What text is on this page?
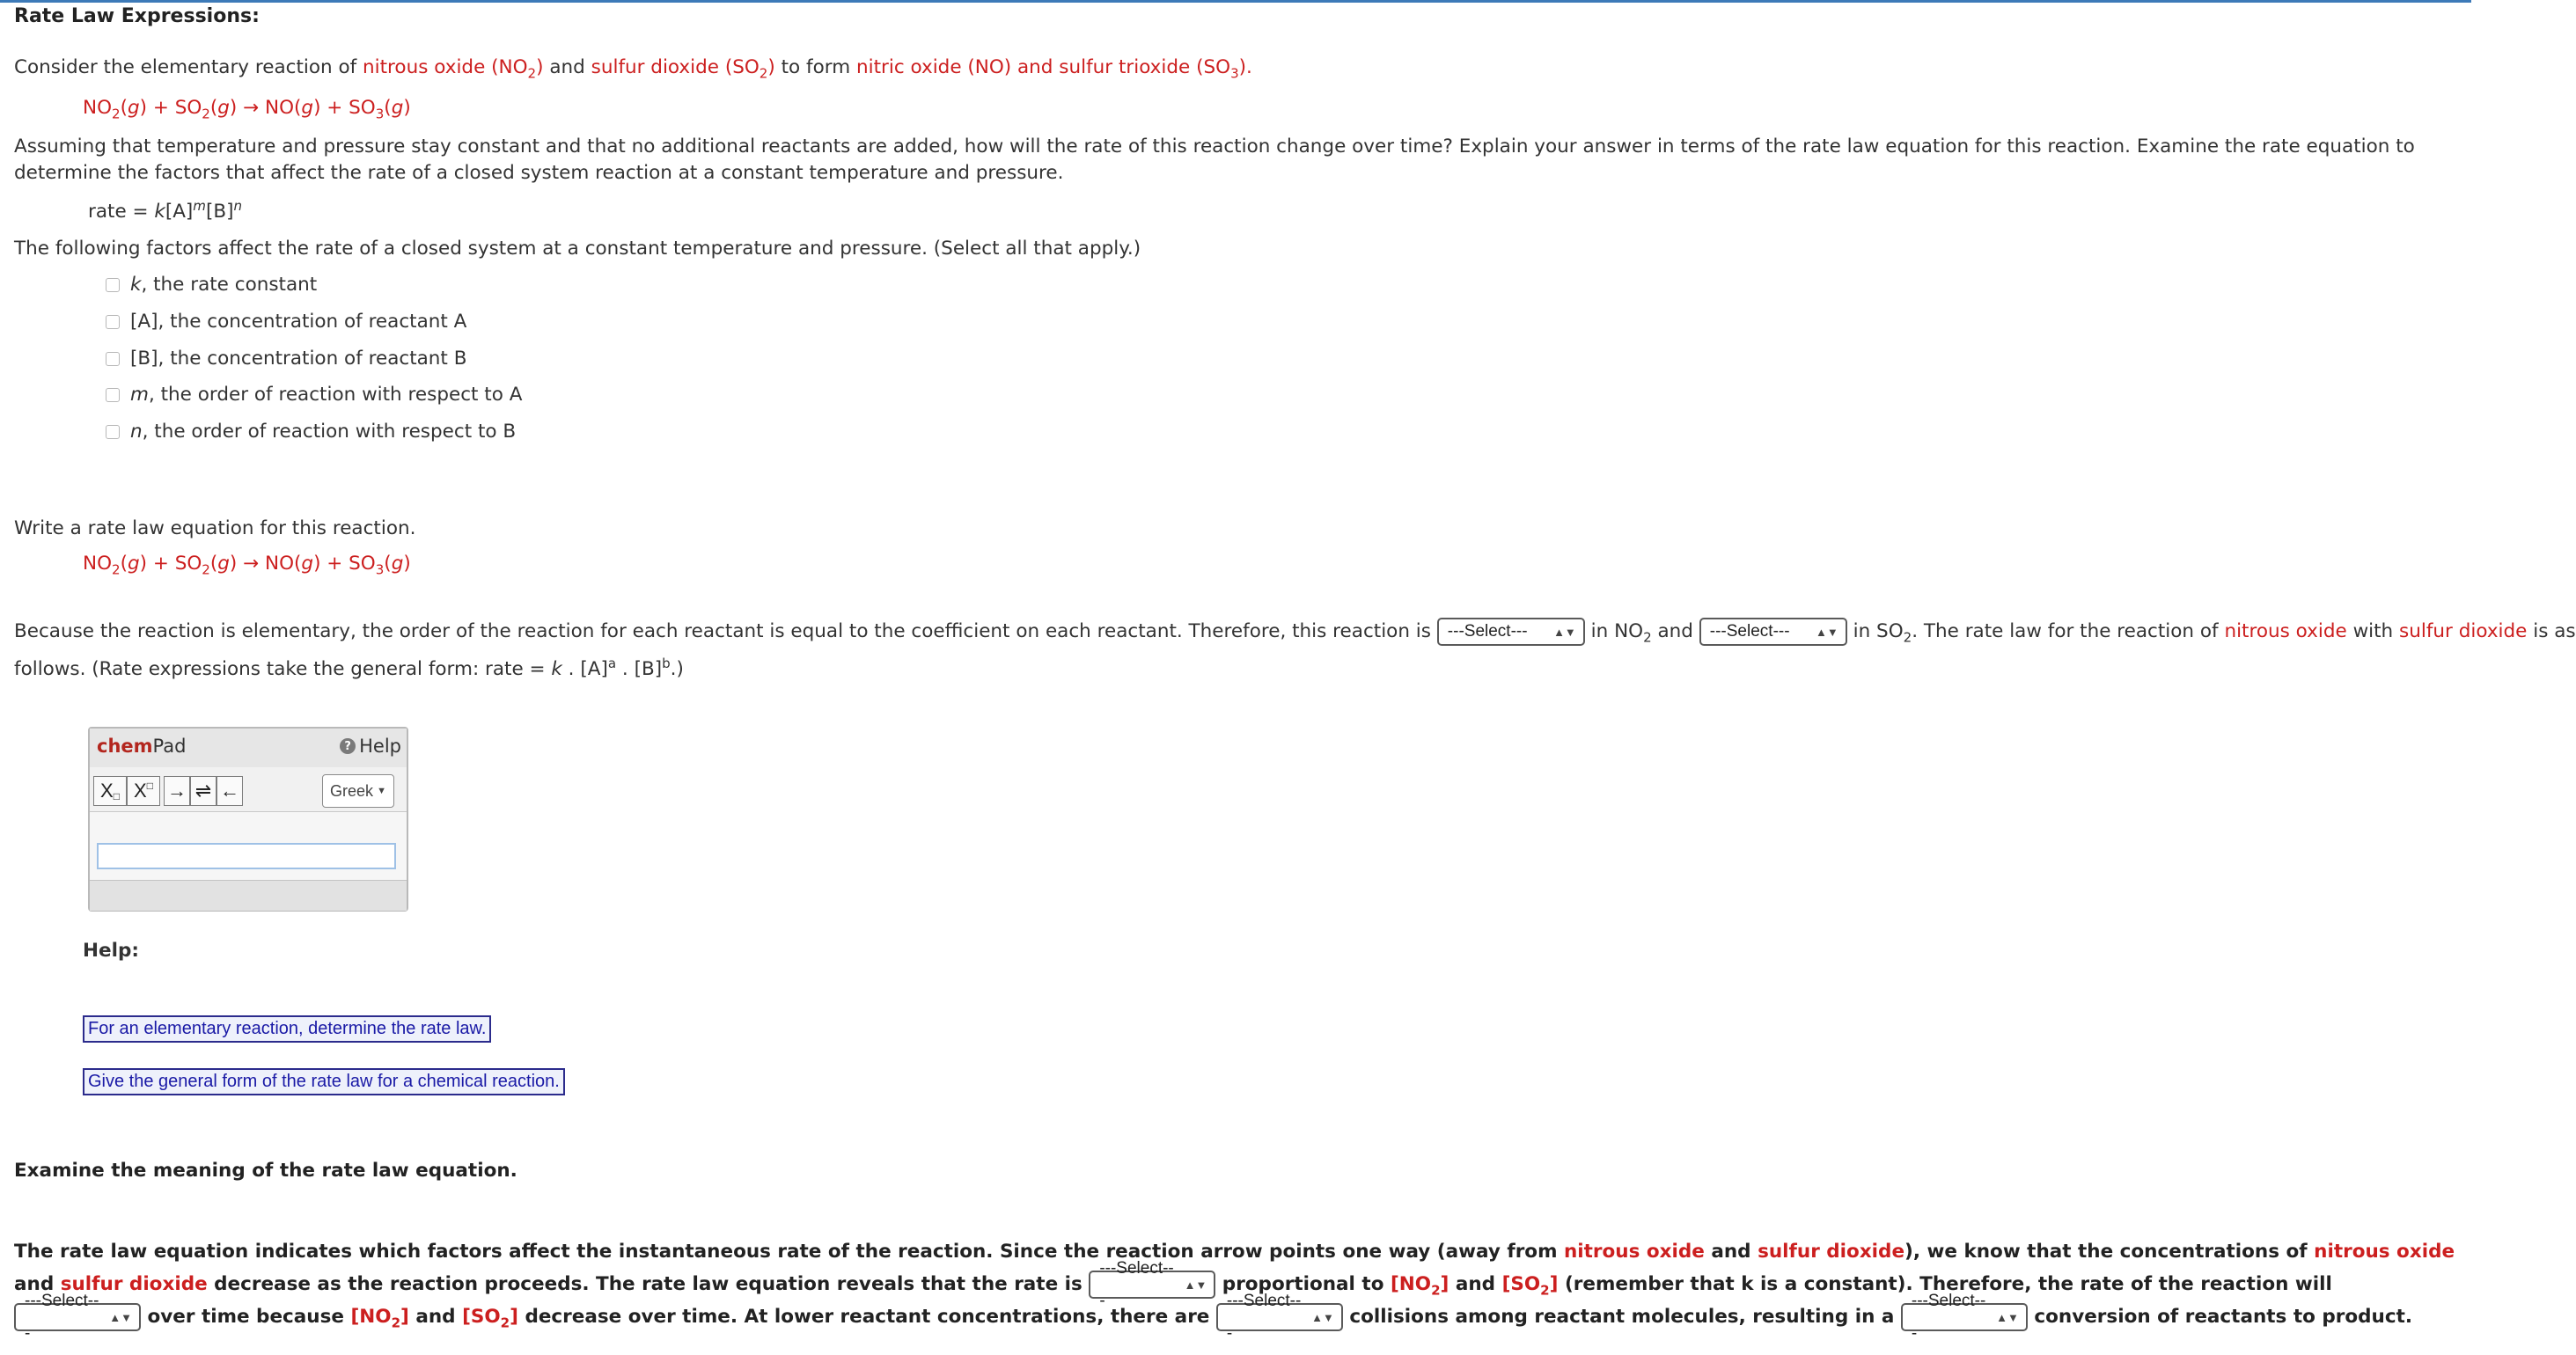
Rate Law Expressions:
Consider the elementary reaction of nitrous oxide $(NO_2)$ and sulfur dioxide $(SO_2)$ to form nitric oxide (NO) and sulfur trioxide $(SO_3)$.
$NO_2(g) + SO_2(g) \to NO(g) + SO_3(g)$
Assuming that temperature and pressure stay constant and that no additional reactants are added, how will the rate of this reaction change over time? Explain your answer in terms of the rate law equation for this reaction. Examine the rate equation to determine the factors that affect the rate of a closed system reaction at a constant temperature and pressure.
rate = $k[A]^m[B]^n$
The following factors affect the rate of a closed system at a constant temperature and pressure. (Select all that apply.)
k , the rate constant
[A], the concentration of reactant A
[B], the concentration of reactant B
m , the order of reaction with respect to A
n , the order of reaction with respect to B
Write a rate law equation for this reaction.
$NO_2(g) + SO_2(g) \to NO(g) + SO_3(g)$
Because the reaction is elementary, the order of the reaction for each reactant is equal to the coefficient on each reactant. Therefore, this reaction is ---Select--- ▲▼ in $NO_2$ and ---Select--- ▲▼ in $SO_2$. The rate law for the reaction of nitrous oxide with sulfur dioxide is as
follows. (Rate expressions take the general form: rate = k . $[A]^a$ . $[B]^b$.)
chemPad	? Help
X □ X □ → ⇌ ←	Greek ▼
Help:
For an elementary reaction, determine the rate law.
Give the general form of the rate law for a chemical reaction.
Examine the meaning of the rate law equation.
The rate law equation indicates which factors affect the instantaneous rate of the reaction. Since the reaction arrow points one way (away from nitrous oxide and sulfur dioxide), we know that the concentrations of nitrous oxide and sulfur dioxide decrease as the reaction proceeds. The rate law equation reveals that the rate is
---Select---
▲▼ proportional to $[NO_2]$ and $[SO_2]$ (remember that k is a constant). Therefore, the rate of the reaction will
---Select---
▲▼ over time because $[NO_2]$ and $[SO_2]$ decrease over time. At lower reactant concentrations, there are
---Select---
▲▼ collisions among reactant molecules, resulting in a
---Select---
▲▼ conversion of reactants to product.
